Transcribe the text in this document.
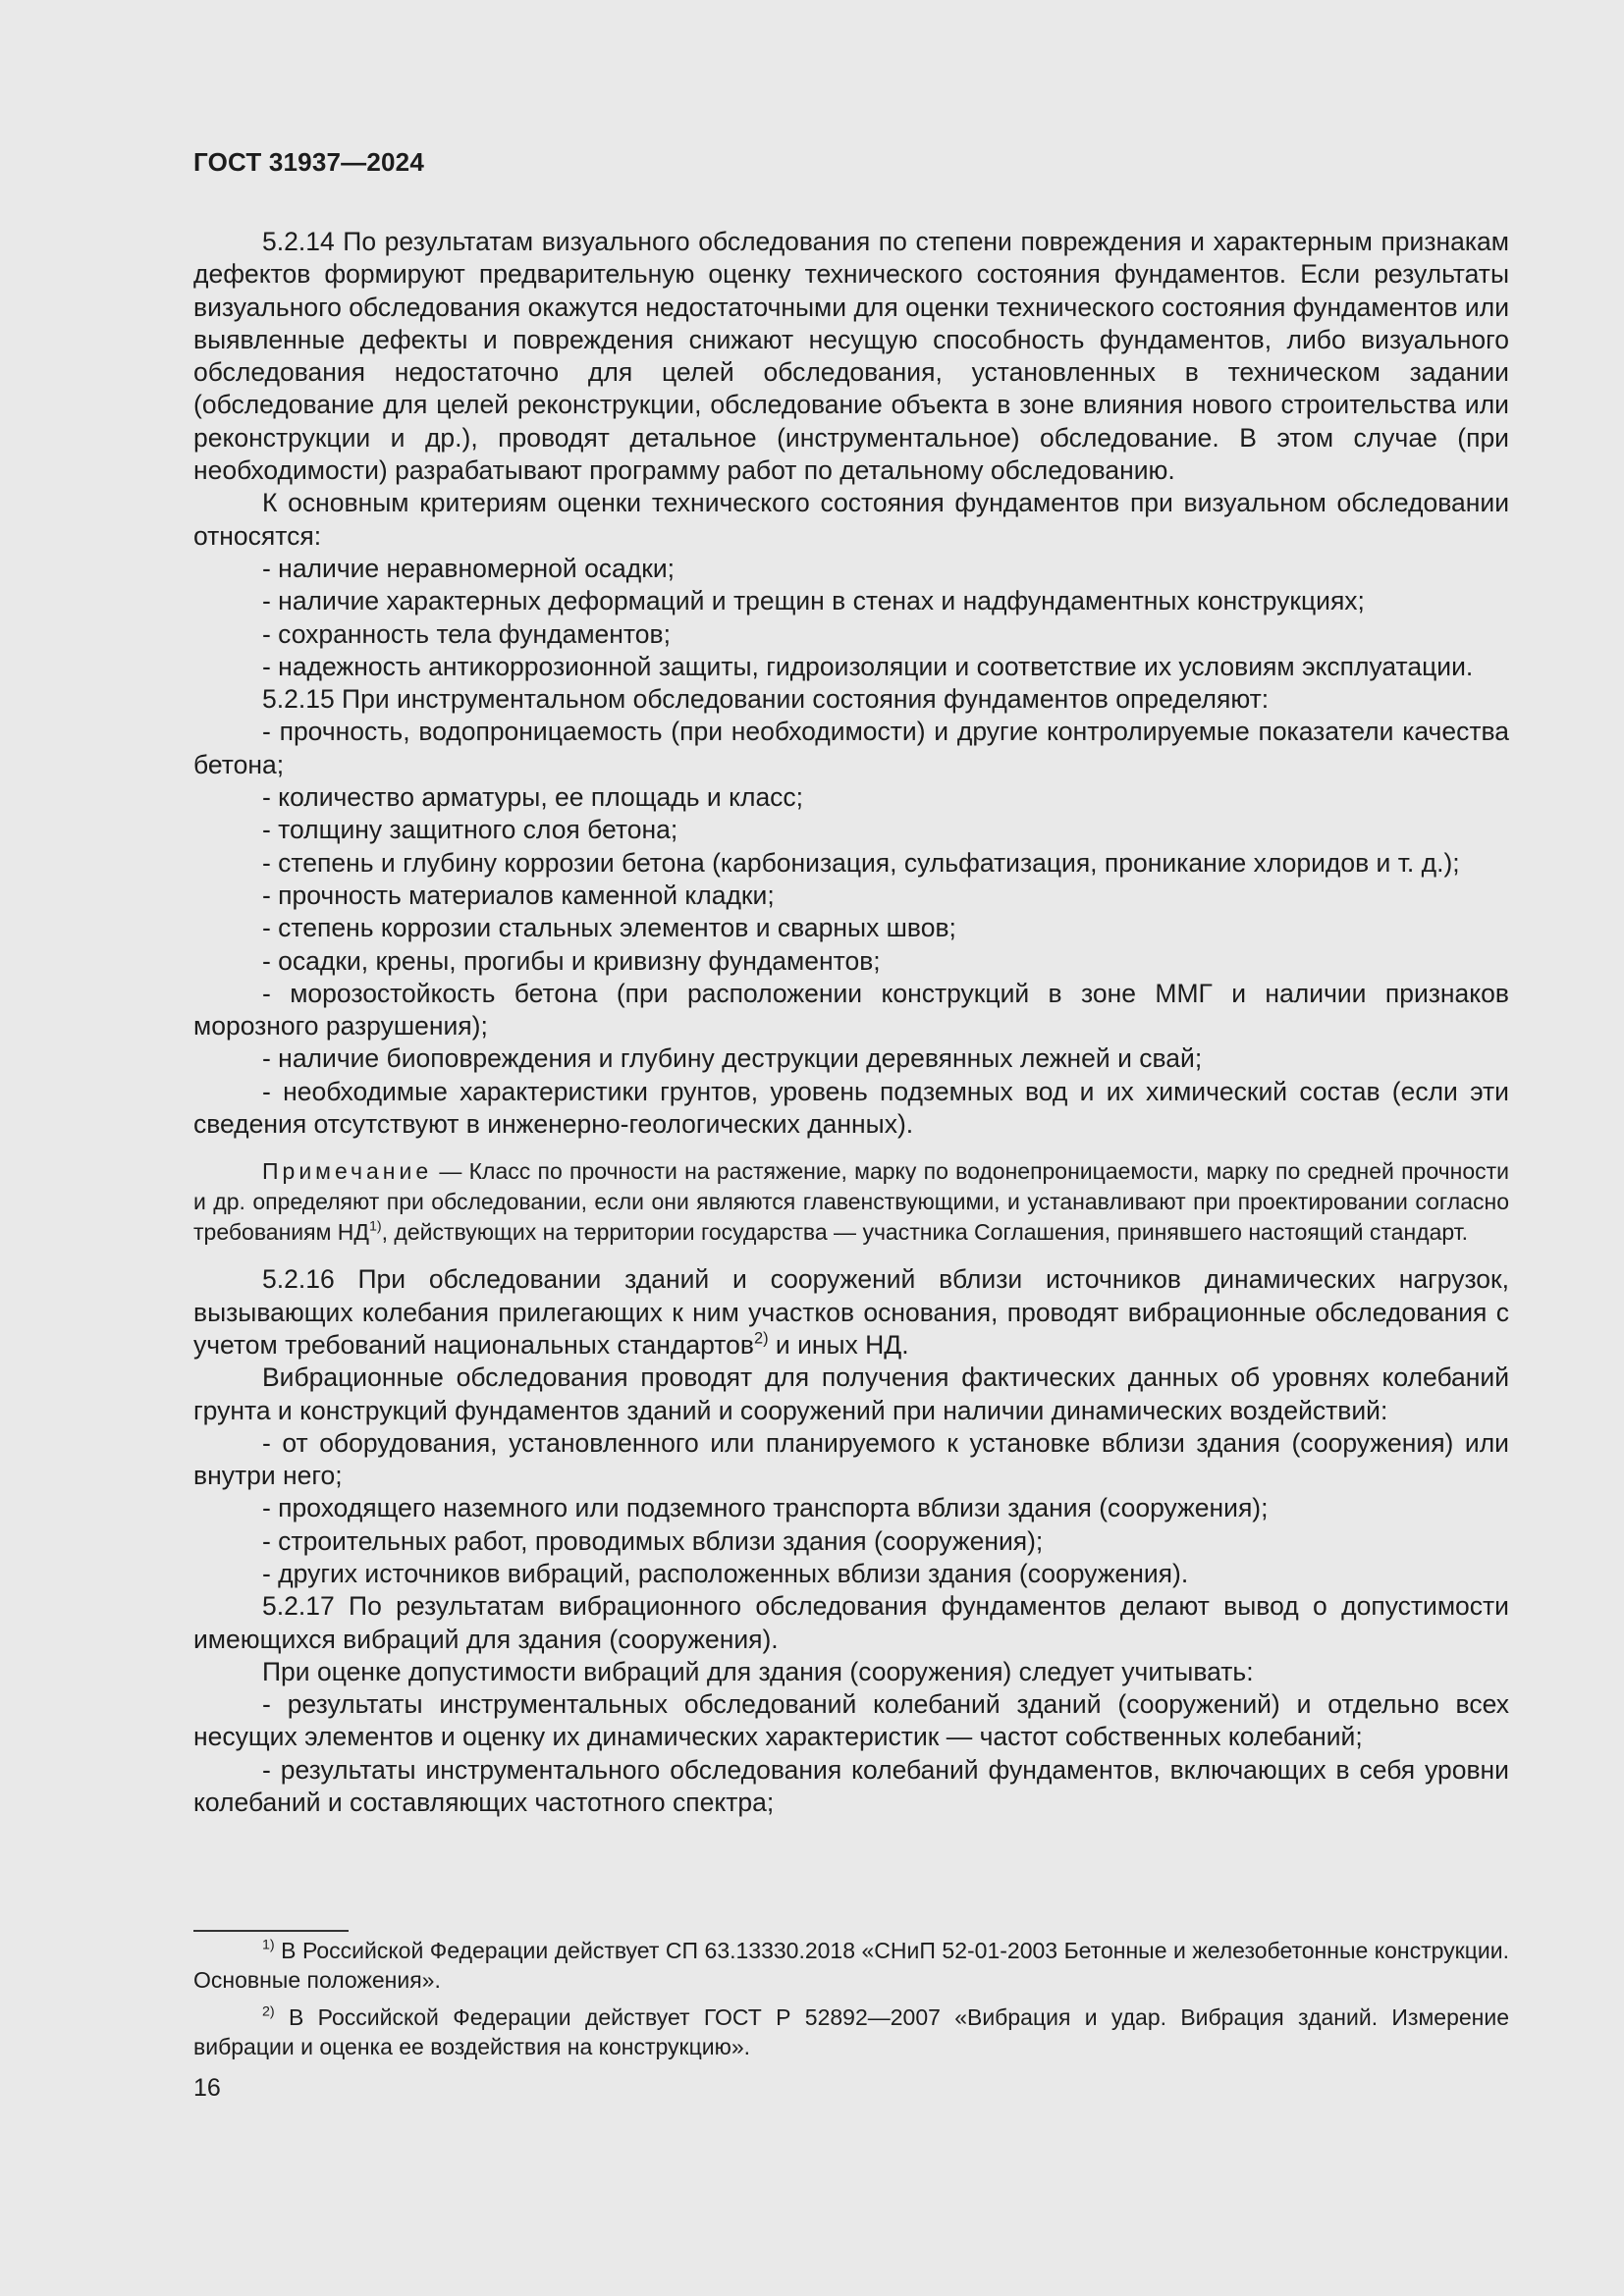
ГОСТ 31937—2024

5.2.14 По результатам визуального обследования по степени повреждения и характерным признакам дефектов формируют предварительную оценку технического состояния фундаментов. Если результаты визуального обследования окажутся недостаточными для оценки технического состояния фундаментов или выявленные дефекты и повреждения снижают несущую способность фундаментов, либо визуального обследования недостаточно для целей обследования, установленных в техническом задании (обследование для целей реконструкции, обследование объекта в зоне влияния нового строительства или реконструкции и др.), проводят детальное (инструментальное) обследование. В этом случае (при необходимости) разрабатывают программу работ по детальному обследованию.

К основным критериям оценки технического состояния фундаментов при визуальном обследовании относятся:

- наличие неравномерной осадки;

- наличие характерных деформаций и трещин в стенах и надфундаментных конструкциях;

- сохранность тела фундаментов;

- надежность антикоррозионной защиты, гидроизоляции и соответствие их условиям эксплуатации.

5.2.15 При инструментальном обследовании состояния фундаментов определяют:

- прочность, водопроницаемость (при необходимости) и другие контролируемые показатели качества бетона;

- количество арматуры, ее площадь и класс;

- толщину защитного слоя бетона;

- степень и глубину коррозии бетона (карбонизация, сульфатизация, проникание хлоридов и т. д.);

- прочность материалов каменной кладки;

- степень коррозии стальных элементов и сварных швов;

- осадки, крены, прогибы и кривизну фундаментов;

- морозостойкость бетона (при расположении конструкций в зоне ММГ и наличии признаков морозного разрушения);

- наличие биоповреждения и глубину деструкции деревянных лежней и свай;

- необходимые характеристики грунтов, уровень подземных вод и их химический состав (если эти сведения отсутствуют в инженерно-геологических данных).

Примечание — Класс по прочности на растяжение, марку по водонепроницаемости, марку по средней прочности и др. определяют при обследовании, если они являются главенствующими, и устанавливают при проектировании согласно требованиям НД$^{1)}$, действующих на территории государства — участника Соглашения, принявшего настоящий стандарт.

5.2.16 При обследовании зданий и сооружений вблизи источников динамических нагрузок, вызывающих колебания прилегающих к ним участков основания, проводят вибрационные обследования с учетом требований национальных стандартов$^{2)}$ и иных НД.

Вибрационные обследования проводят для получения фактических данных об уровнях колебаний грунта и конструкций фундаментов зданий и сооружений при наличии динамических воздействий:

- от оборудования, установленного или планируемого к установке вблизи здания (сооружения) или внутри него;

- проходящего наземного или подземного транспорта вблизи здания (сооружения);

- строительных работ, проводимых вблизи здания (сооружения);

- других источников вибраций, расположенных вблизи здания (сооружения).

5.2.17 По результатам вибрационного обследования фундаментов делают вывод о допустимости имеющихся вибраций для здания (сооружения).

При оценке допустимости вибраций для здания (сооружения) следует учитывать:

- результаты инструментальных обследований колебаний зданий (сооружений) и отдельно всех несущих элементов и оценку их динамических характеристик — частот собственных колебаний;

- результаты инструментального обследования колебаний фундаментов, включающих в себя уровни колебаний и составляющих частотного спектра;

$^{1)}$ В Российской Федерации действует СП 63.13330.2018 «СНиП 52-01-2003 Бетонные и железобетонные конструкции. Основные положения».

$^{2)}$ В Российской Федерации действует ГОСТ Р 52892—2007 «Вибрация и удар. Вибрация зданий. Измерение вибрации и оценка ее воздействия на конструкцию».

16
